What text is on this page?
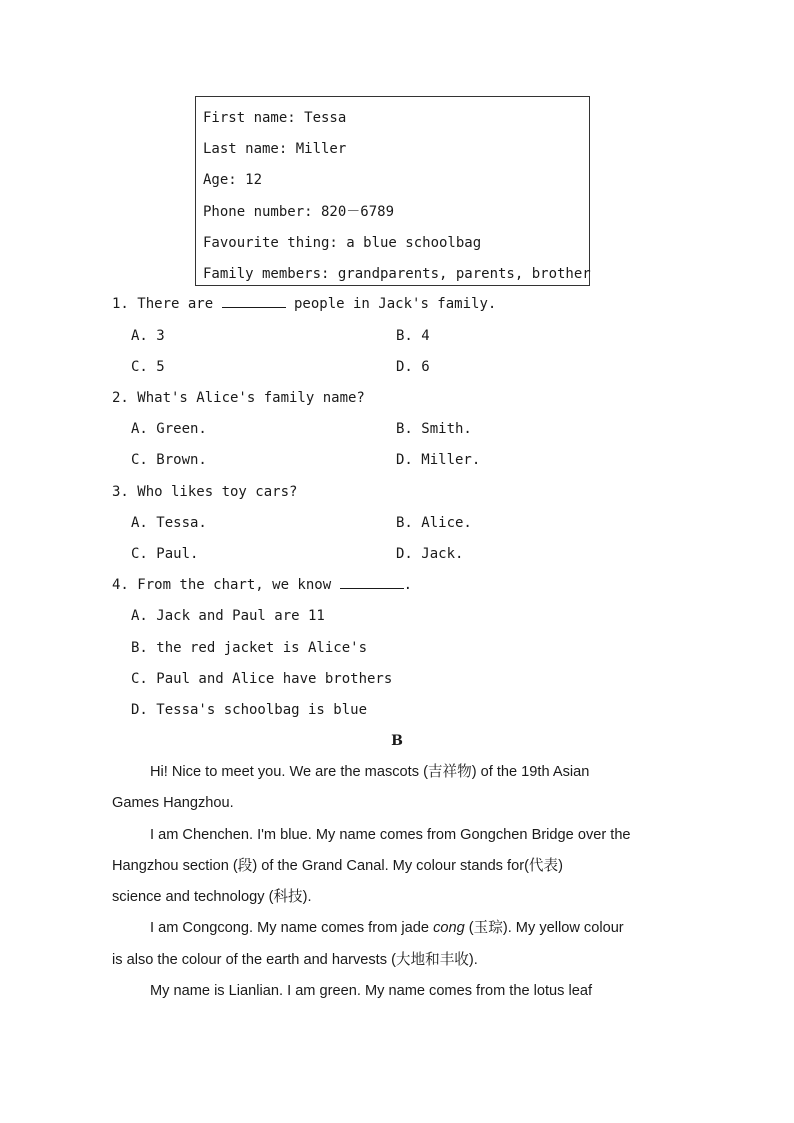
First name: Tessa
Last name: Miller
Age: 12
Phone number: 820－6789
Favourite thing: a blue schoolbag
Family members: grandparents, parents, brother
1. There are	people in Jack's family.
A. 3	B. 4
C. 5	D. 6
2. What's Alice's family name?
A. Green.	B. Smith.
C. Brown.	D. Miller.
3. Who likes toy cars?
A. Tessa.	B. Alice.
C. Paul.	D. Jack.
4. From the chart, we know	.
A. Jack and Paul are 11
B. the red jacket is Alice's
C. Paul and Alice have brothers
D. Tessa's schoolbag is blue
B
Hi! Nice to meet you. We are the mascots (吉祥物) of the 19th Asian
Games Hangzhou.
I am Chenchen. I'm blue. My name comes from Gongchen Bridge over the
Hangzhou section (段) of the Grand Canal. My colour stands for(代表)
science and technology (科技).
I am Congcong. My name comes from jade cong (玉琮). My yellow colour
is also the colour of the earth and harvests (大地和丰收).
My name is Lianlian. I am green. My name comes from the lotus leaf
